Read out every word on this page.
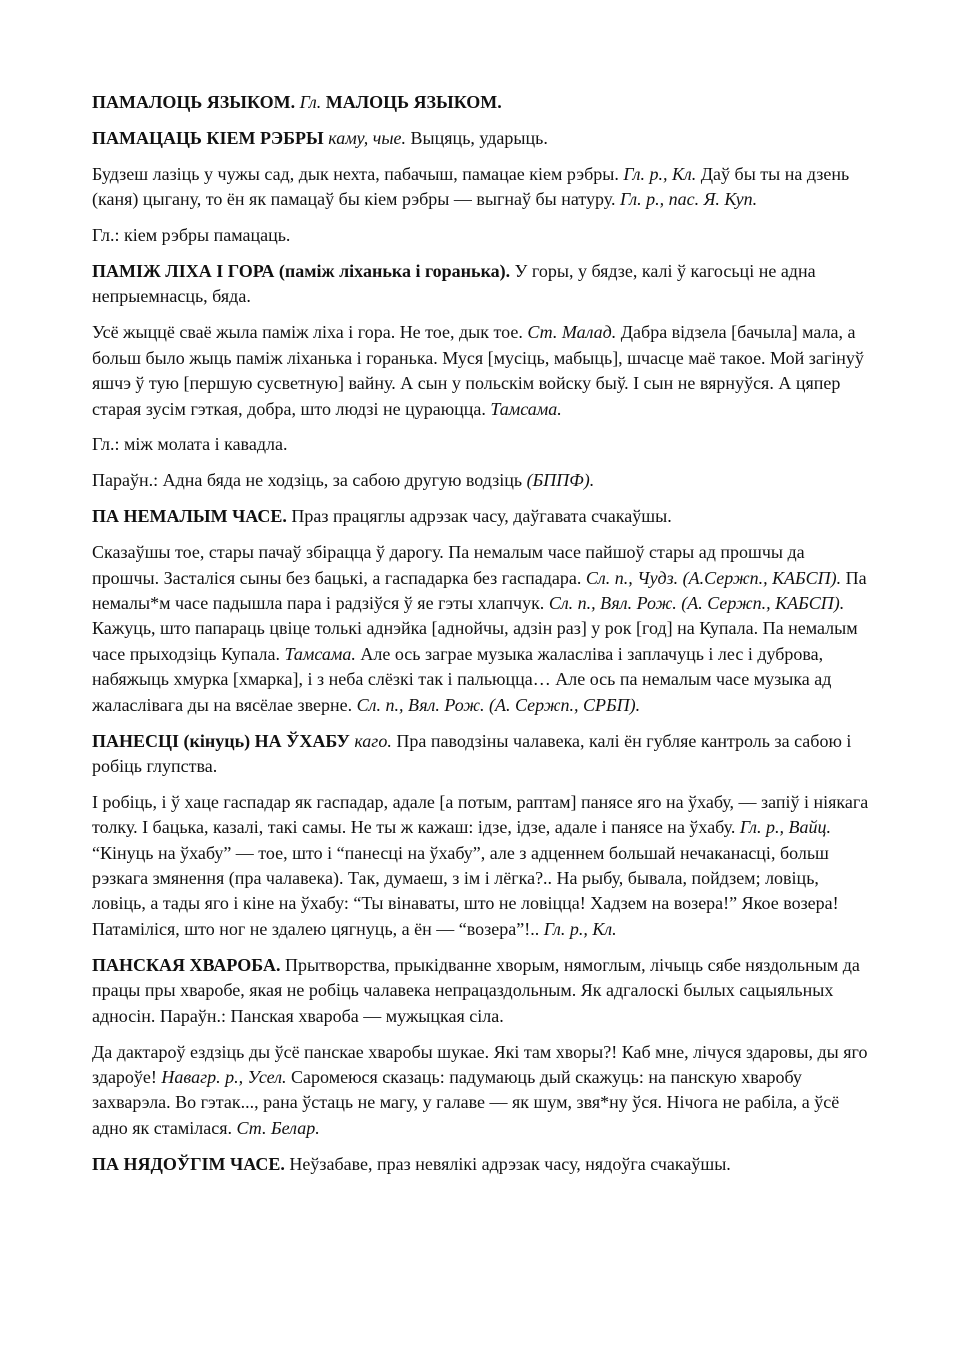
ПАМАЛОЦЬ ЯЗЫКОМ. Гл. МАЛОЦЬ ЯЗЫКОМ.

ПАМАЦАЦЬ КІЕМ РЭБРЫ каму, чые. Выцяць, ударыць.

Будзеш лазіць у чужы сад, дык нехта, пабачыш, памацае кіем рэбры. Гл. р., Кл. Даў бы ты на дзень (каня) цыгану, то ён як памацаў бы кіем рэбры — выгнаў бы натуру. Гл. р., пас. Я. Куп.

Гл.: кіем рэбры памацаць.

ПАМІЖ ЛІХА І ГОРА (паміж ліханька і горанька). У горы, у бядзе, калі ў кагосьці не адна непрыемнасць, бяда.

Усё жыццё сваё жыла паміж ліха і гора. Не тое, дык тое. Ст. Малад. Дабра відзела [бачыла] мала, а больш было жыць паміж ліханька і горанька. Муся [мусіць, мабыць], шчасце маё такое. Мой загінуў яшчэ ў тую [першую сусветную] вайну. А сын у польскім войску быў. І сын не вярнуўся. А цяпер старая зусім гэткая, добра, што людзі не цураюцца. Тамсама.

Гл.: між молата і кавадла.

Параўн.: Адна бяда не ходзіць, за сабою другую водзіць (БППФ).

ПА НЕМАЛЫМ ЧАСЕ. Праз працяглы адрэзак часу, даўгавата счакаўшы.

Сказаўшы тое, стары пачаў збірацца ў дарогу. Па немалым часе пайшоў стары ад прошчы да прошчы. Засталіся сыны без бацькі, а гаспадарка без гаспадара. Сл. п., Чудз. (А.Сержп., КАБСП). Па немалы*м часе падышла пара і радзіўся ў яе гэты хлапчук. Сл. п., Вял. Рож. (А. Сержп., КАБСП). Кажуць, што папараць цвіце толькі аднэйка [аднойчы, адзін раз] у рок [год] на Купала. Па немалым часе прыходзіць Купала. Тамсама. Але ось заграе музыка жаласліва і заплачуць і лес і дуброва, набяжыць хмурка [хмарка], і з неба слёзкі так і пальюцца… Але ось па немалым часе музыка ад жаласлівага ды на вясёлае зверне. Сл. п., Вял. Рож. (А. Сержп., СРБП).

ПАНЕСЦІ (кінуць) НА ЎХАБУ каго. Пра паводзіны чалавека, калі ён губляе кантроль за сабою і робіць глупства.

І робіць, і ў хаце гаспадар як гаспадар, адале [а потым, раптам] панясе яго на ўхабу, — запіў і ніякага толку. І бацька, казалі, такі самы. Не ты ж кажаш: ідзе, ідзе, адале і панясе на ўхабу. Гл. р., Вайц. “Кінуць на ўхабу” — тое, што і “панесці на ўхабу”, але з адценнем большай нечаканасці, больш рэзкага змянення (пра чалавека). Так, думаеш, з ім і лёгка?.. На рыбу, бывала, пойдзем; ловіць, ловіць, а тады яго і кіне на ўхабу: “Ты вінаваты, што не ловіцца! Хадзем на возера!” Якое возера! Патаміліся, што ног не здалею цягнуць, а ён — “возера”!.. Гл. р., Кл.

ПАНСКАЯ ХВАРОБА. Прытворства, прыкідванне хворым, нямоглым, лічыць сябе няздольным да працы пры хваробе, якая не робіць чалавека непрацаздольным. Як адгалоскі былых сацыяльных адносін. Параўн.: Панская хвароба — мужыцкая сіла.

Да дактароў ездзіць ды ўсё панскае хваробы шукае. Які там хворы?! Каб мне, лічуся здаровы, ды яго здароўе! Навагр. р., Усел. Саромеюся сказаць: падумаюць дый скажуць: на панскую хваробу захварэла. Во гэтак..., рана ўстаць не магу, у галаве — як шум, звя*ну ўся. Нічога не рабіла, а ўсё адно як стамілася. Ст. Белар.

ПА НЯДОЎГІМ ЧАСЕ. Неўзабаве, праз невялікі адрэзак часу, нядоўга счакаўшы.
